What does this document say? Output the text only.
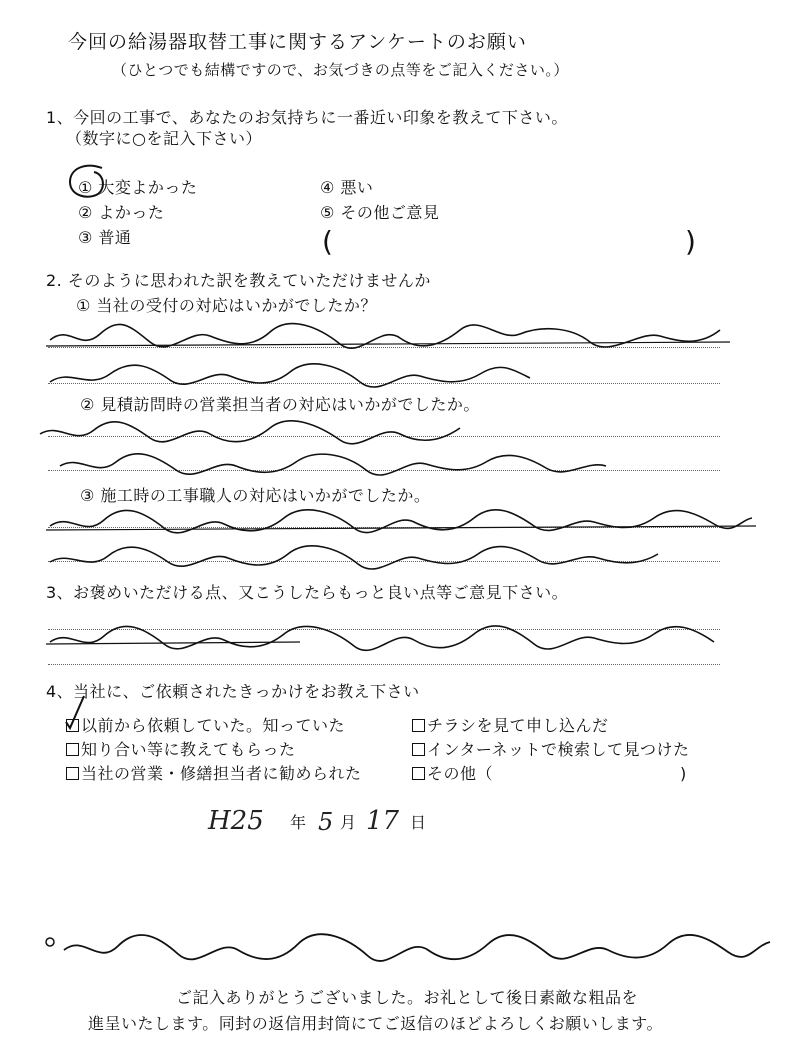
今回の給湯器取替工事に関するアンケートのお願い
（ひとつでも結構ですので、お気づきの点等をご記入ください。）
1、今回の工事で、あなたのお気持ちに一番近い印象を教えて下さい。
（数字に○を記入下さい）
① 大変よかった
② よかった
③ 普通
④ 悪い
⑤ その他ご意見
(	)
2. そのように思われた訳を教えていただけませんか
① 当社の受付の対応はいかがでしたか？
② 見積訪問時の営業担当者の対応はいかがでしたか。
③ 施工時の工事職人の対応はいかがでしたか。
3、お褒めいただける点、又こうしたらもっと良い点等ご意見下さい。
4、当社に、ご依頼されたきっかけをお教え下さい
以前から依頼していた。知っていた
知り合い等に教えてもらった
当社の営業・修繕担当者に勧められた
チラシを見て申し込んだ
インターネットで検索して見つけた
その他（	)
H25 年 5 月 17 日
ご記入ありがとうございました。お礼として後日素敵な粗品を
進呈いたします。同封の返信用封筒にてご返信のほどよろしくお願いします。
